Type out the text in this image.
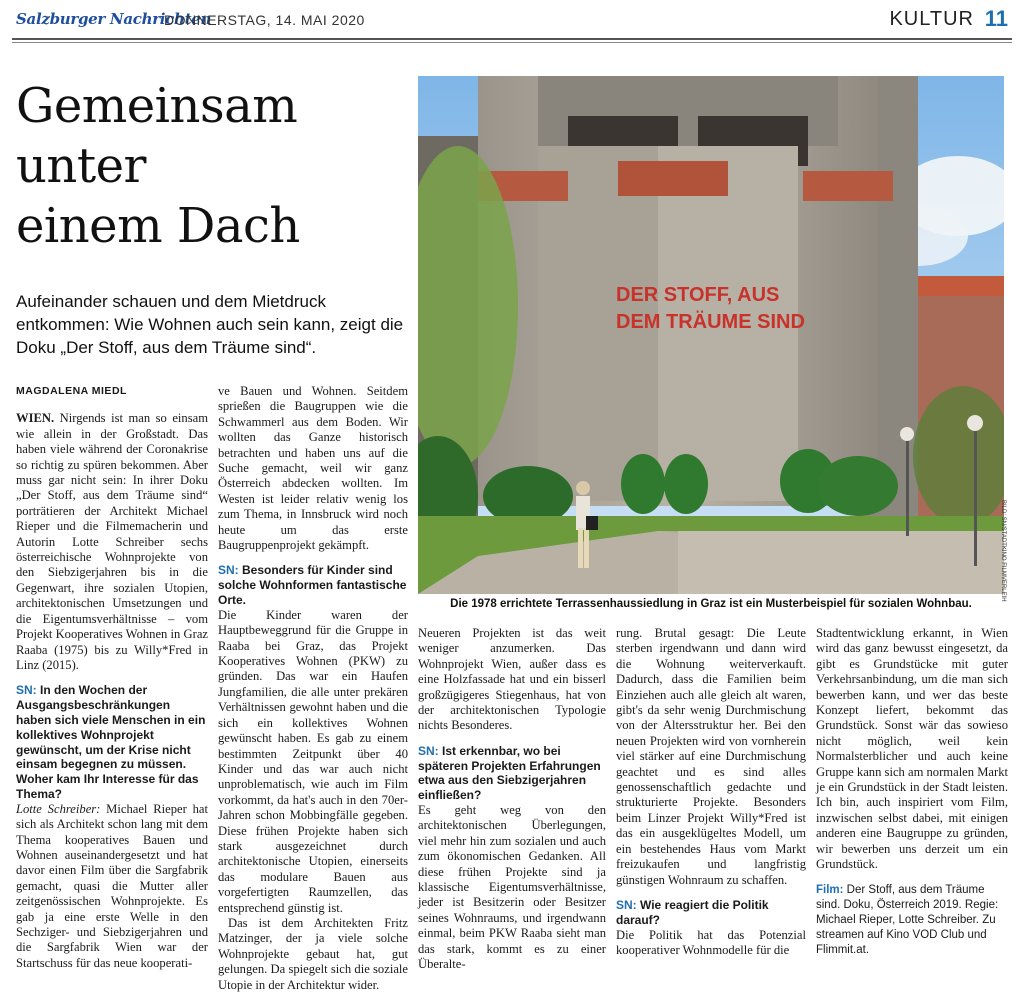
Salzburger Nachrichten
DONNERSTAG, 14. MAI 2020	KULTUR 11
Gemeinsam
unter
einem Dach
Aufeinander schauen und dem Mietdruck entkommen: Wie Wohnen auch sein kann, zeigt die Doku „Der Stoff, aus dem Träume sind“.
DER STOFF, AUS
DEM TRÄUME SIND
BILD: SN/STADTKINO FILMVERLEIH
Die 1978 errichtete Terrassenhaussiedlung in Graz ist ein Musterbeispiel für sozialen Wohnbau.
MAGDALENA MIEDL

WIEN. Nirgends ist man so einsam wie allein in der Großstadt. Das haben viele während der Coronakrise so richtig zu spüren bekommen. Aber muss gar nicht sein: In ihrer Doku „Der Stoff, aus dem Träume sind“ porträtieren der Architekt Michael Rieper und die Filmemacherin und Autorin Lotte Schreiber sechs österreichische Wohnprojekte von den Siebzigerjahren bis in die Gegenwart, ihre sozialen Utopien, architektonischen Umsetzungen und die Eigentumsverhältnisse – vom Projekt Kooperatives Wohnen in Graz Raaba (1975) bis zu Willy*Fred in Linz (2015).

SN: In den Wochen der Ausgangsbeschränkungen haben sich viele Menschen in ein kollektives Wohnprojekt gewünscht, um der Krise nicht einsam begegnen zu müssen. Woher kam Ihr Interesse für das Thema?

Lotte Schreiber: Michael Rieper hat sich als Architekt schon lang mit dem Thema kooperatives Bauen und Wohnen auseinandergesetzt und hat davor einen Film über die Sargfabrik gemacht, quasi die Mutter aller zeitgenössischen Wohnprojekte. Es gab ja eine erste Welle in den Sechziger- und Siebzigerjahren und die Sargfabrik Wien war der Startschuss für das neue kooperati-

ve Bauen und Wohnen. Seitdem sprießen die Baugruppen wie die Schwammerl aus dem Boden. Wir wollten das Ganze historisch betrachten und haben uns auf die Suche gemacht, weil wir ganz Österreich abdecken wollten. Im Westen ist leider relativ wenig los zum Thema, in Innsbruck wird noch heute um das erste Baugruppenprojekt gekämpft.

SN: Besonders für Kinder sind solche Wohnformen fantastische Orte.

Die Kinder waren der Hauptbeweggrund für die Gruppe in Raaba bei Graz, das Projekt Kooperatives Wohnen (PKW) zu gründen. Das war ein Haufen Jungfamilien, die alle unter prekären Verhältnissen gewohnt haben und die sich ein kollektives Wohnen gewünscht haben. Es gab zu einem bestimmten Zeitpunkt über 40 Kinder und das war auch nicht unproblematisch, wie auch im Film vorkommt, da hat's auch in den 70er-Jahren schon Mobbingfälle gegeben. Diese frühen Projekte haben sich stark ausgezeichnet durch architektonische Utopien, einerseits das modulare Bauen aus vorgefertigten Raumzellen, das entsprechend günstig ist.

Das ist dem Architekten Fritz Matzinger, der ja viele solche Wohnprojekte gebaut hat, gut gelungen. Da spiegelt sich die soziale Utopie in der Architektur wider.

Neueren Projekten ist das weit weniger anzumerken. Das Wohnprojekt Wien, außer dass es eine Holzfassade hat und ein bisserl großzügigeres Stiegenhaus, hat von der architektonischen Typologie nichts Besonderes.

SN: Ist erkennbar, wo bei späteren Projekten Erfahrungen etwa aus den Siebzigerjahren einfließen?

Es geht weg von den architektonischen Überlegungen, viel mehr hin zum sozialen und auch zum ökonomischen Gedanken. All diese frühen Projekte sind ja klassische Eigentumsverhältnisse, jeder ist Besitzerin oder Besitzer seines Wohnraums, und irgendwann einmal, beim PKW Raaba sieht man das stark, kommt es zu einer Überalte-

rung. Brutal gesagt: Die Leute sterben irgendwann und dann wird die Wohnung weiterverkauft. Dadurch, dass die Familien beim Einziehen auch alle gleich alt waren, gibt's da sehr wenig Durchmischung von der Altersstruktur her. Bei den neuen Projekten wird von vornherein viel stärker auf eine Durchmischung geachtet und es sind alles genossenschaftlich gedachte und strukturierte Projekte. Besonders beim Linzer Projekt Willy*Fred ist das ein ausgeklügeltes Modell, um ein bestehendes Haus vom Markt freizukaufen und langfristig günstigen Wohnraum zu schaffen.

SN: Wie reagiert die Politik darauf?

Die Politik hat das Potenzial kooperativer Wohnmodelle für die

Stadtentwicklung erkannt, in Wien wird das ganz bewusst eingesetzt, da gibt es Grundstücke mit guter Verkehrsanbindung, um die man sich bewerben kann, und wer das beste Konzept liefert, bekommt das Grundstück. Sonst wär das sowieso nicht möglich, weil kein Normalsterblicher und auch keine Gruppe kann sich am normalen Markt je ein Grundstück in der Stadt leisten. Ich bin, auch inspiriert vom Film, inzwischen selbst dabei, mit einigen anderen eine Baugruppe zu gründen, wir bewerben uns derzeit um ein Grundstück.

Film: Der Stoff, aus dem Träume sind. Doku, Österreich 2019. Regie: Michael Rieper, Lotte Schreiber. Zu streamen auf Kino VOD Club und Flimmit.at.
